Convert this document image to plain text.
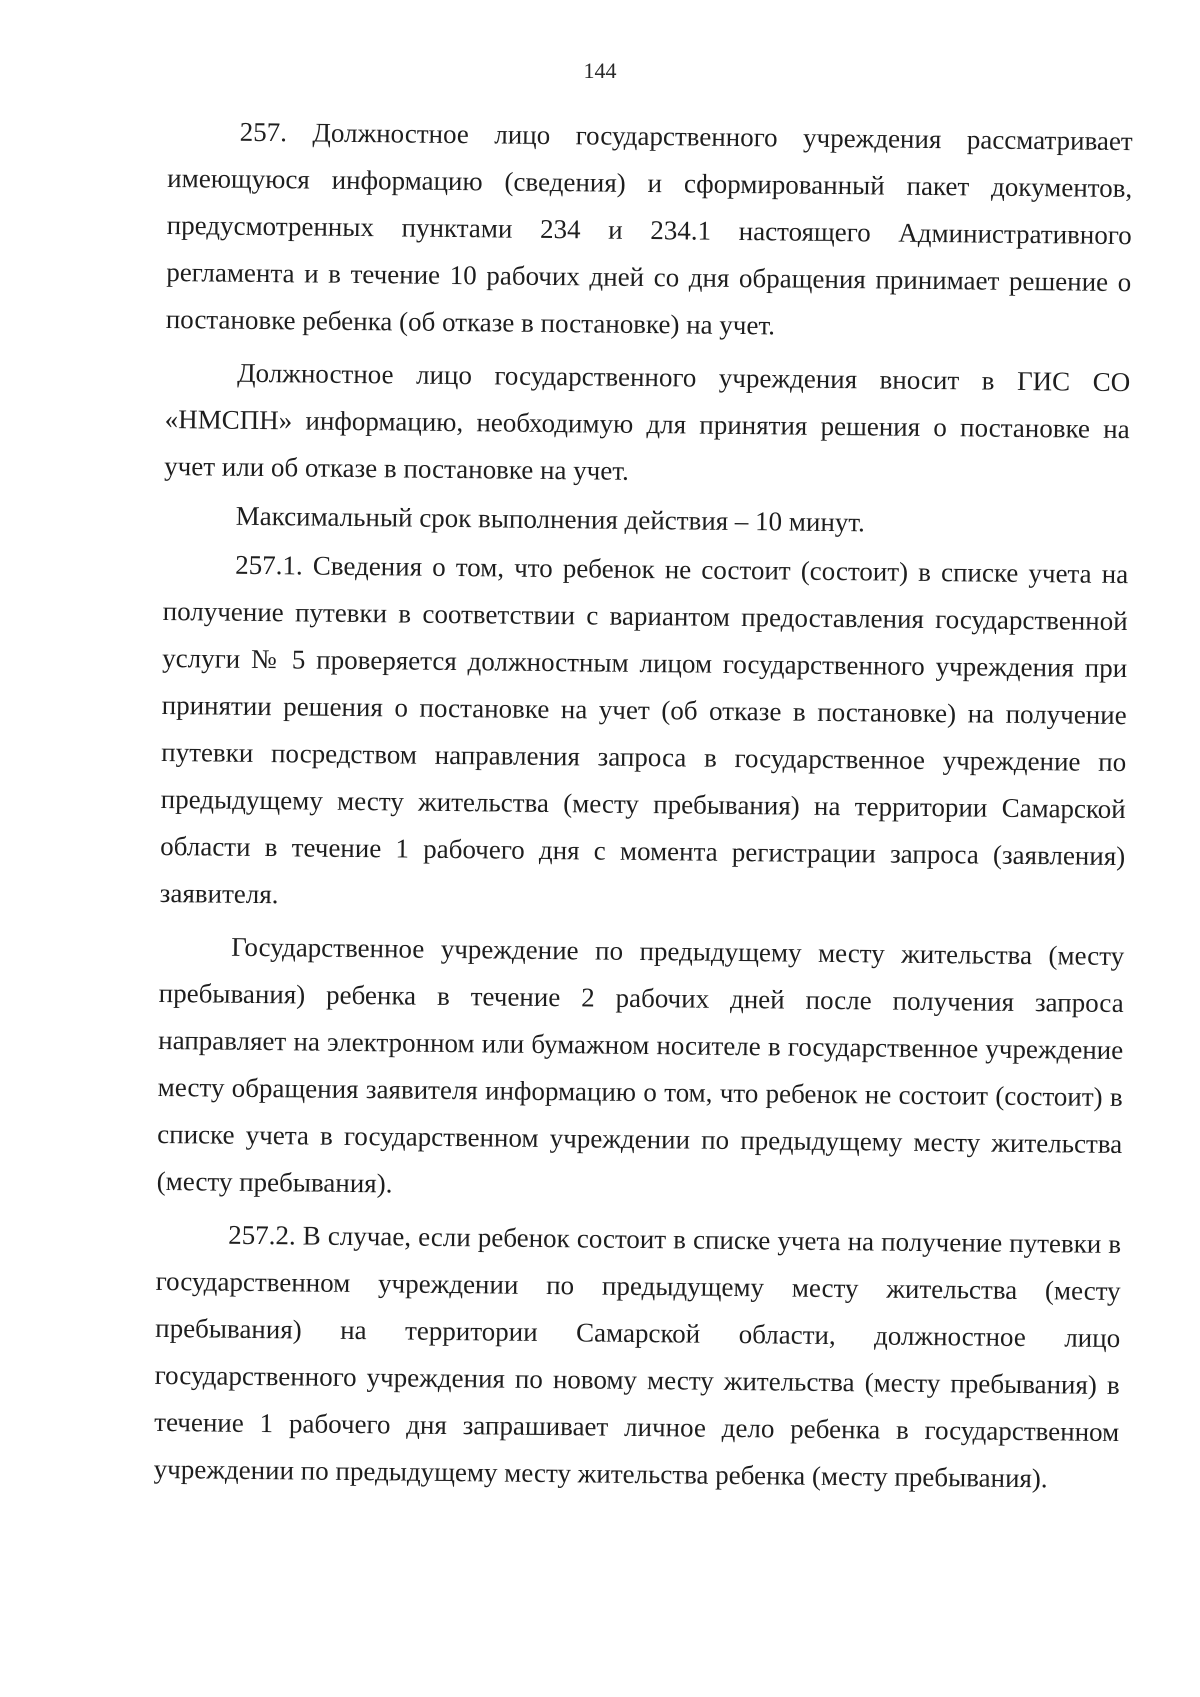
144

257. Должностное лицо государственного учреждения рассматривает имеющуюся информацию (сведения) и сформированный пакет документов, предусмотренных пунктами 234 и 234.1 настоящего Административного регламента и в течение 10 рабочих дней со дня обращения принимает решение о постановке ребенка (об отказе в постановке) на учет.

Должностное лицо государственного учреждения вносит в ГИС СО «НМСПН» информацию, необходимую для принятия решения о постановке на учет или об отказе в постановке на учет.

Максимальный срок выполнения действия – 10 минут.

257.1. Сведения о том, что ребенок не состоит (состоит) в списке учета на получение путевки в соответствии с вариантом предоставления государственной услуги № 5 проверяется должностным лицом государственного учреждения при принятии решения о постановке на учет (об отказе в постановке) на получение путевки посредством направления запроса в государственное учреждение по предыдущему месту жительства (месту пребывания) на территории Самарской области в течение 1 рабочего дня с момента регистрации запроса (заявления) заявителя.

Государственное учреждение по предыдущему месту жительства (месту пребывания) ребенка в течение 2 рабочих дней после получения запроса направляет на электронном или бумажном носителе в государственное учреждение месту обращения заявителя информацию о том, что ребенок не состоит (состоит) в списке учета в государственном учреждении по предыдущему месту жительства (месту пребывания).

257.2. В случае, если ребенок состоит в списке учета на получение путевки в государственном учреждении по предыдущему месту жительства (месту пребывания) на территории Самарской области, должностное лицо государственного учреждения по новому месту жительства (месту пребывания) в течение 1 рабочего дня запрашивает личное дело ребенка в государственном учреждении по предыдущему месту жительства ребенка (месту пребывания).
